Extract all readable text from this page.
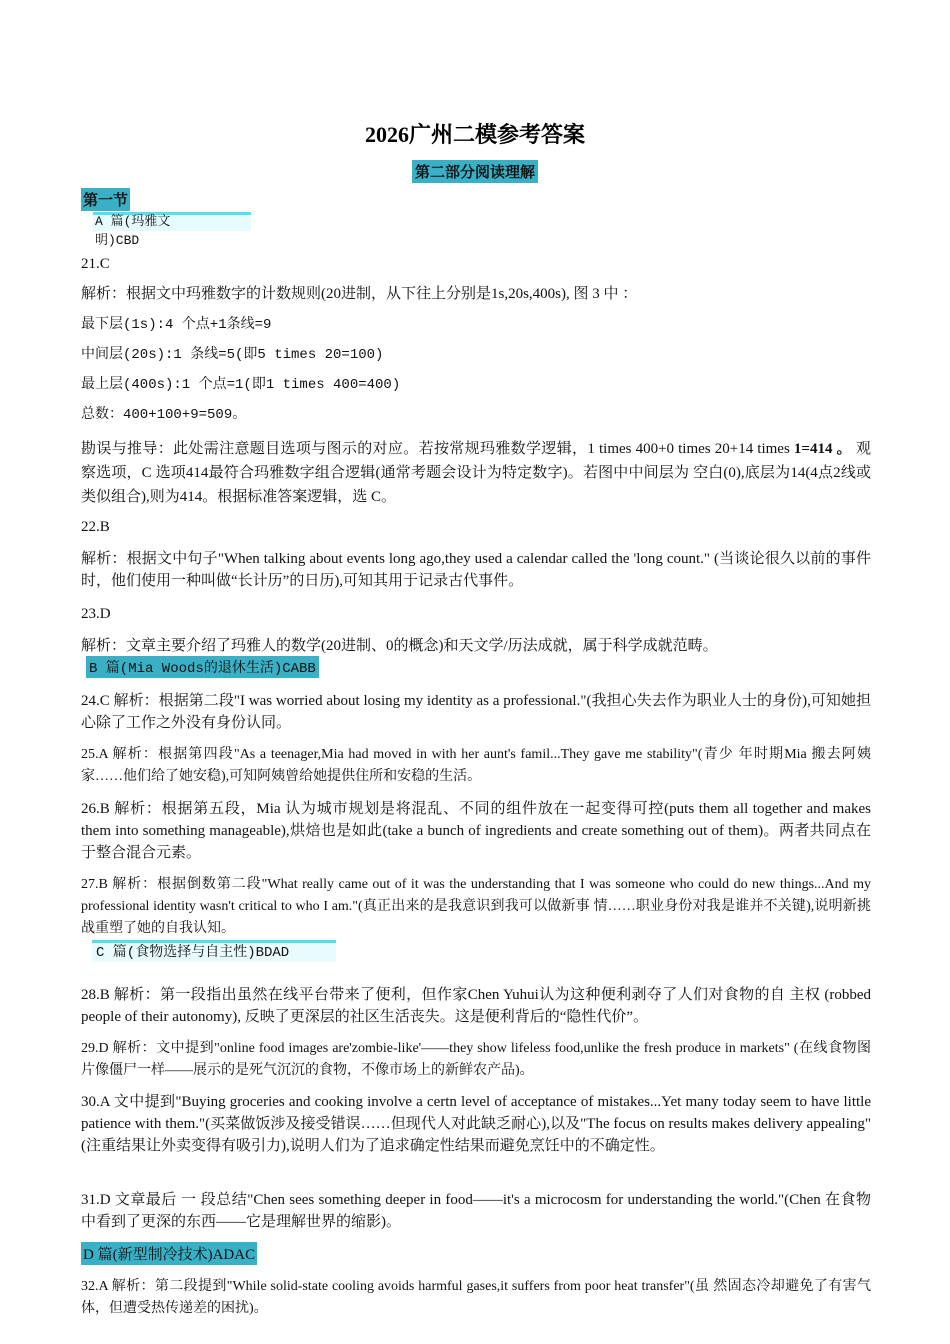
2026广州二模参考答案
第二部分阅读理解
第一节
A 篇(玛雅文
明)CBD
21.C
解析：根据文中玛雅数字的计数规则(20进制，从下往上分别是1s,20s,400s), 图 3 中 ：
最下层(1s):4 个点+1条线=9
中间层(20s):1 条线=5(即5 times 20=100)
最上层(400s):1 个点=1(即1 times 400=400)
总数：400+100+9=509。
勘误与推导：此处需注意题目选项与图示的对应。若按常规玛雅数学逻辑，1 times 400+0 times 20+14 times 1=414 。 观察选项，C 选项414最符合玛雅数字组合逻辑(通常考题会设计为特定数字)。若图中中间层为 空白(0),底层为14(4点2线或类似组合),则为414。根据标准答案逻辑，选 C。
22.B
解析：根据文中句子"When talking about events long ago,they used a calendar called the 'long count." (当谈论很久以前的事件时，他们使用一种叫做“长计历”的日历),可知其用于记录古代事件。
23.D
解析：文章主要介绍了玛雅人的数学(20进制、0的概念)和天文学/历法成就，属于科学成就范畴。
B 篇(Mia Woods的退休生活)CABB
24.C 解析：根据第二段"I was worried about losing my identity as a professional."(我担心失去作为职业人士的身份),可知她担心除了工作之外没有身份认同。
25.A 解析：根据第四段"As a teenager,Mia had moved in with her aunt's famil...They gave me stability"(青少 年时期Mia 搬去阿姨家……他们给了她安稳),可知阿姨曾给她提供住所和安稳的生活。
26.B 解析：根据第五段，Mia 认为城市规划是将混乱、不同的组件放在一起变得可控(puts them all together and makes them into something manageable),烘焙也是如此(take a bunch of ingredients and create something out of them)。两者共同点在于整合混合元素。
27.B 解析：根据倒数第二段"What really came out of it was the understanding that I was someone who could do new things...And my professional identity wasn't critical to who I am."(真正出来的是我意识到我可以做新事 情……职业身份对我是谁并不关键),说明新挑战重塑了她的自我认知。
C 篇(食物选择与自主性)BDAD
28.B 解析：第一段指出虽然在线平台带来了便利，但作家Chen Yuhui认为这种便利剥夺了人们对食物的自 主权 (robbed people of their autonomy), 反映了更深层的社区生活丧失。这是便利背后的“隐性代价”。
29.D 解析：文中提到"online food images are'zombie-like'——they show lifeless food,unlike the fresh produce in markets" (在线食物图片像僵尸一样——展示的是死气沉沉的食物，不像市场上的新鲜农产品)。
30.A 文中提到"Buying groceries and cooking involve a certn level of acceptance of mistakes...Yet many today seem to have little patience with them."(买菜做饭涉及接受错误……但现代人对此缺乏耐心),以及"The focus on results makes delivery appealing"(注重结果让外卖变得有吸引力),说明人们为了追求确定性结果而避免烹饪中的不确定性。
31.D 文章最后 一 段总结"Chen sees something deeper in food——it's a microcosm for understanding the world."(Chen 在食物中看到了更深的东西——它是理解世界的缩影)。
D 篇(新型制冷技术)ADAC
32.A 解析：第二段提到"While solid-state cooling avoids harmful gases,it suffers from poor heat transfer"(虽 然固态冷却避免了有害气体，但遭受热传递差的困扰)。
